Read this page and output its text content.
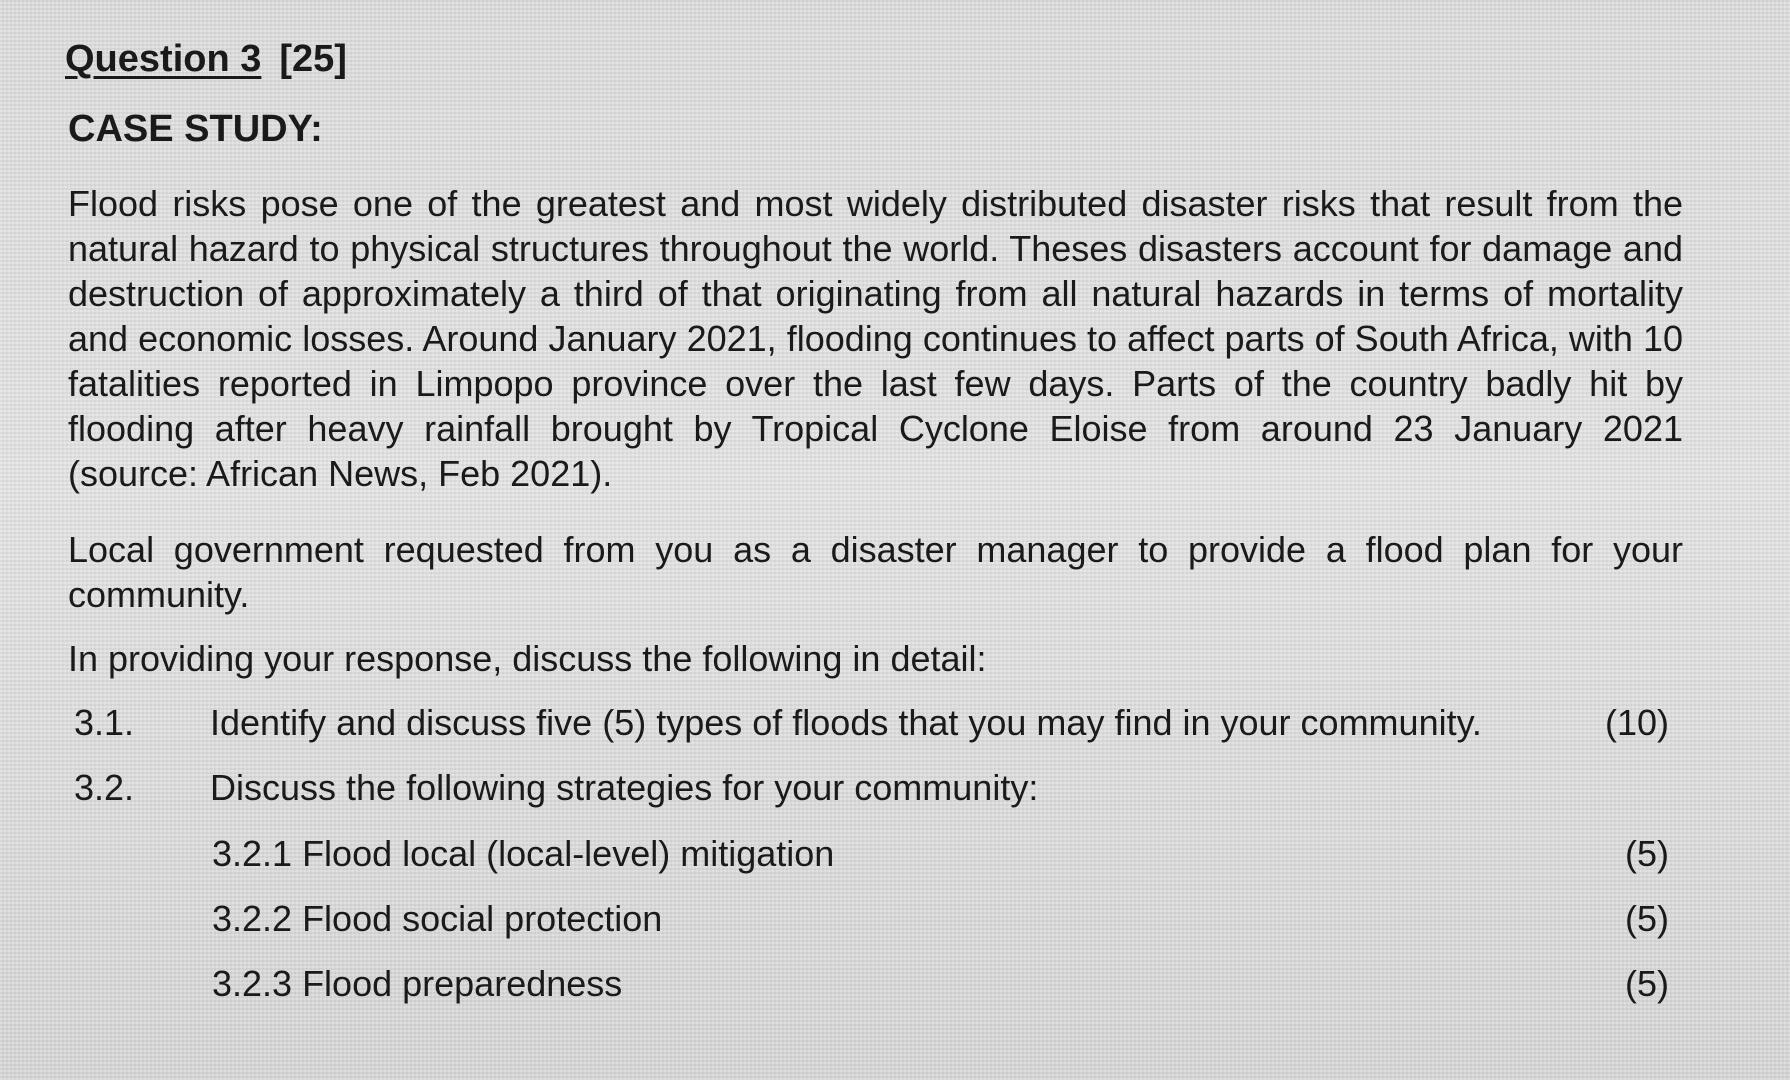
Question 3 [25]
CASE STUDY:
Flood risks pose one of the greatest and most widely distributed disaster risks that result from the natural hazard to physical structures throughout the world. Theses disasters account for damage and destruction of approximately a third of that originating from all natural hazards in terms of mortality and economic losses. Around January 2021, flooding continues to affect parts of South Africa, with 10 fatalities reported in Limpopo province over the last few days. Parts of the country badly hit by flooding after heavy rainfall brought by Tropical Cyclone Eloise from around 23 January 2021 (source: African News, Feb 2021).
Local government requested from you as a disaster manager to provide a flood plan for your community.
In providing your response, discuss the following in detail:
3.1. Identify and discuss five (5) types of floods that you may find in your community.	(10)
3.2. Discuss the following strategies for your community:
3.2.1 Flood local (local-level) mitigation	(5)
3.2.2 Flood social protection	(5)
3.2.3 Flood preparedness	(5)
